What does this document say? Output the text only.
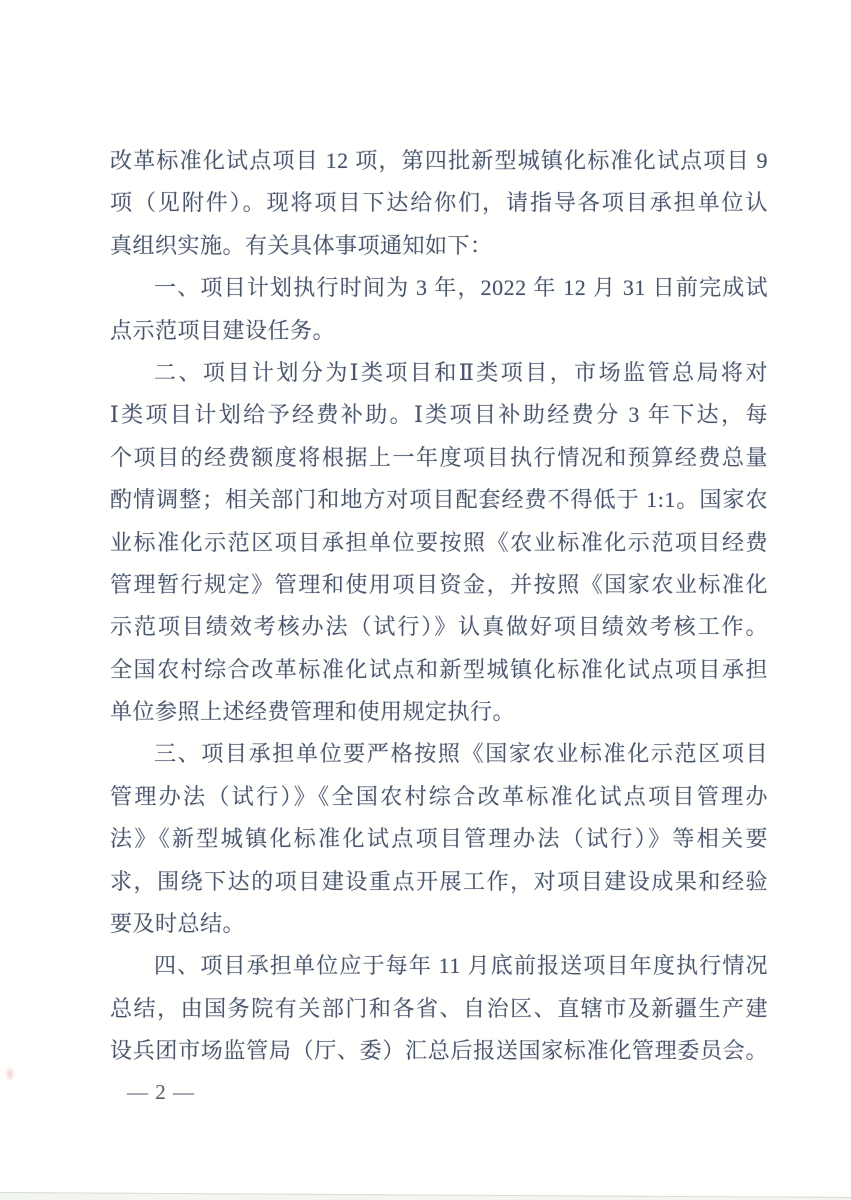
改革标准化试点项目 12 项，第四批新型城镇化标准化试点项目 9
项（见附件）。现将项目下达给你们，请指导各项目承担单位认
真组织实施。有关具体事项通知如下：
一、项目计划执行时间为 3 年，2022 年 12 月 31 日前完成试
点示范项目建设任务。
二、项目计划分为Ⅰ类项目和Ⅱ类项目，市场监管总局将对
Ⅰ类项目计划给予经费补助。Ⅰ类项目补助经费分 3 年下达，每
个项目的经费额度将根据上一年度项目执行情况和预算经费总量
酌情调整；相关部门和地方对项目配套经费不得低于 1:1。国家农
业标准化示范区项目承担单位要按照《农业标准化示范项目经费
管理暂行规定》管理和使用项目资金，并按照《国家农业标准化
示范项目绩效考核办法（试行）》认真做好项目绩效考核工作。
全国农村综合改革标准化试点和新型城镇化标准化试点项目承担
单位参照上述经费管理和使用规定执行。
三、项目承担单位要严格按照《国家农业标准化示范区项目
管理办法（试行）》《全国农村综合改革标准化试点项目管理办
法》《新型城镇化标准化试点项目管理办法（试行）》等相关要
求，围绕下达的项目建设重点开展工作，对项目建设成果和经验
要及时总结。
四、项目承担单位应于每年 11 月底前报送项目年度执行情况
总结，由国务院有关部门和各省、自治区、直辖市及新疆生产建
设兵团市场监管局（厅、委）汇总后报送国家标准化管理委员会。
— 2 —
